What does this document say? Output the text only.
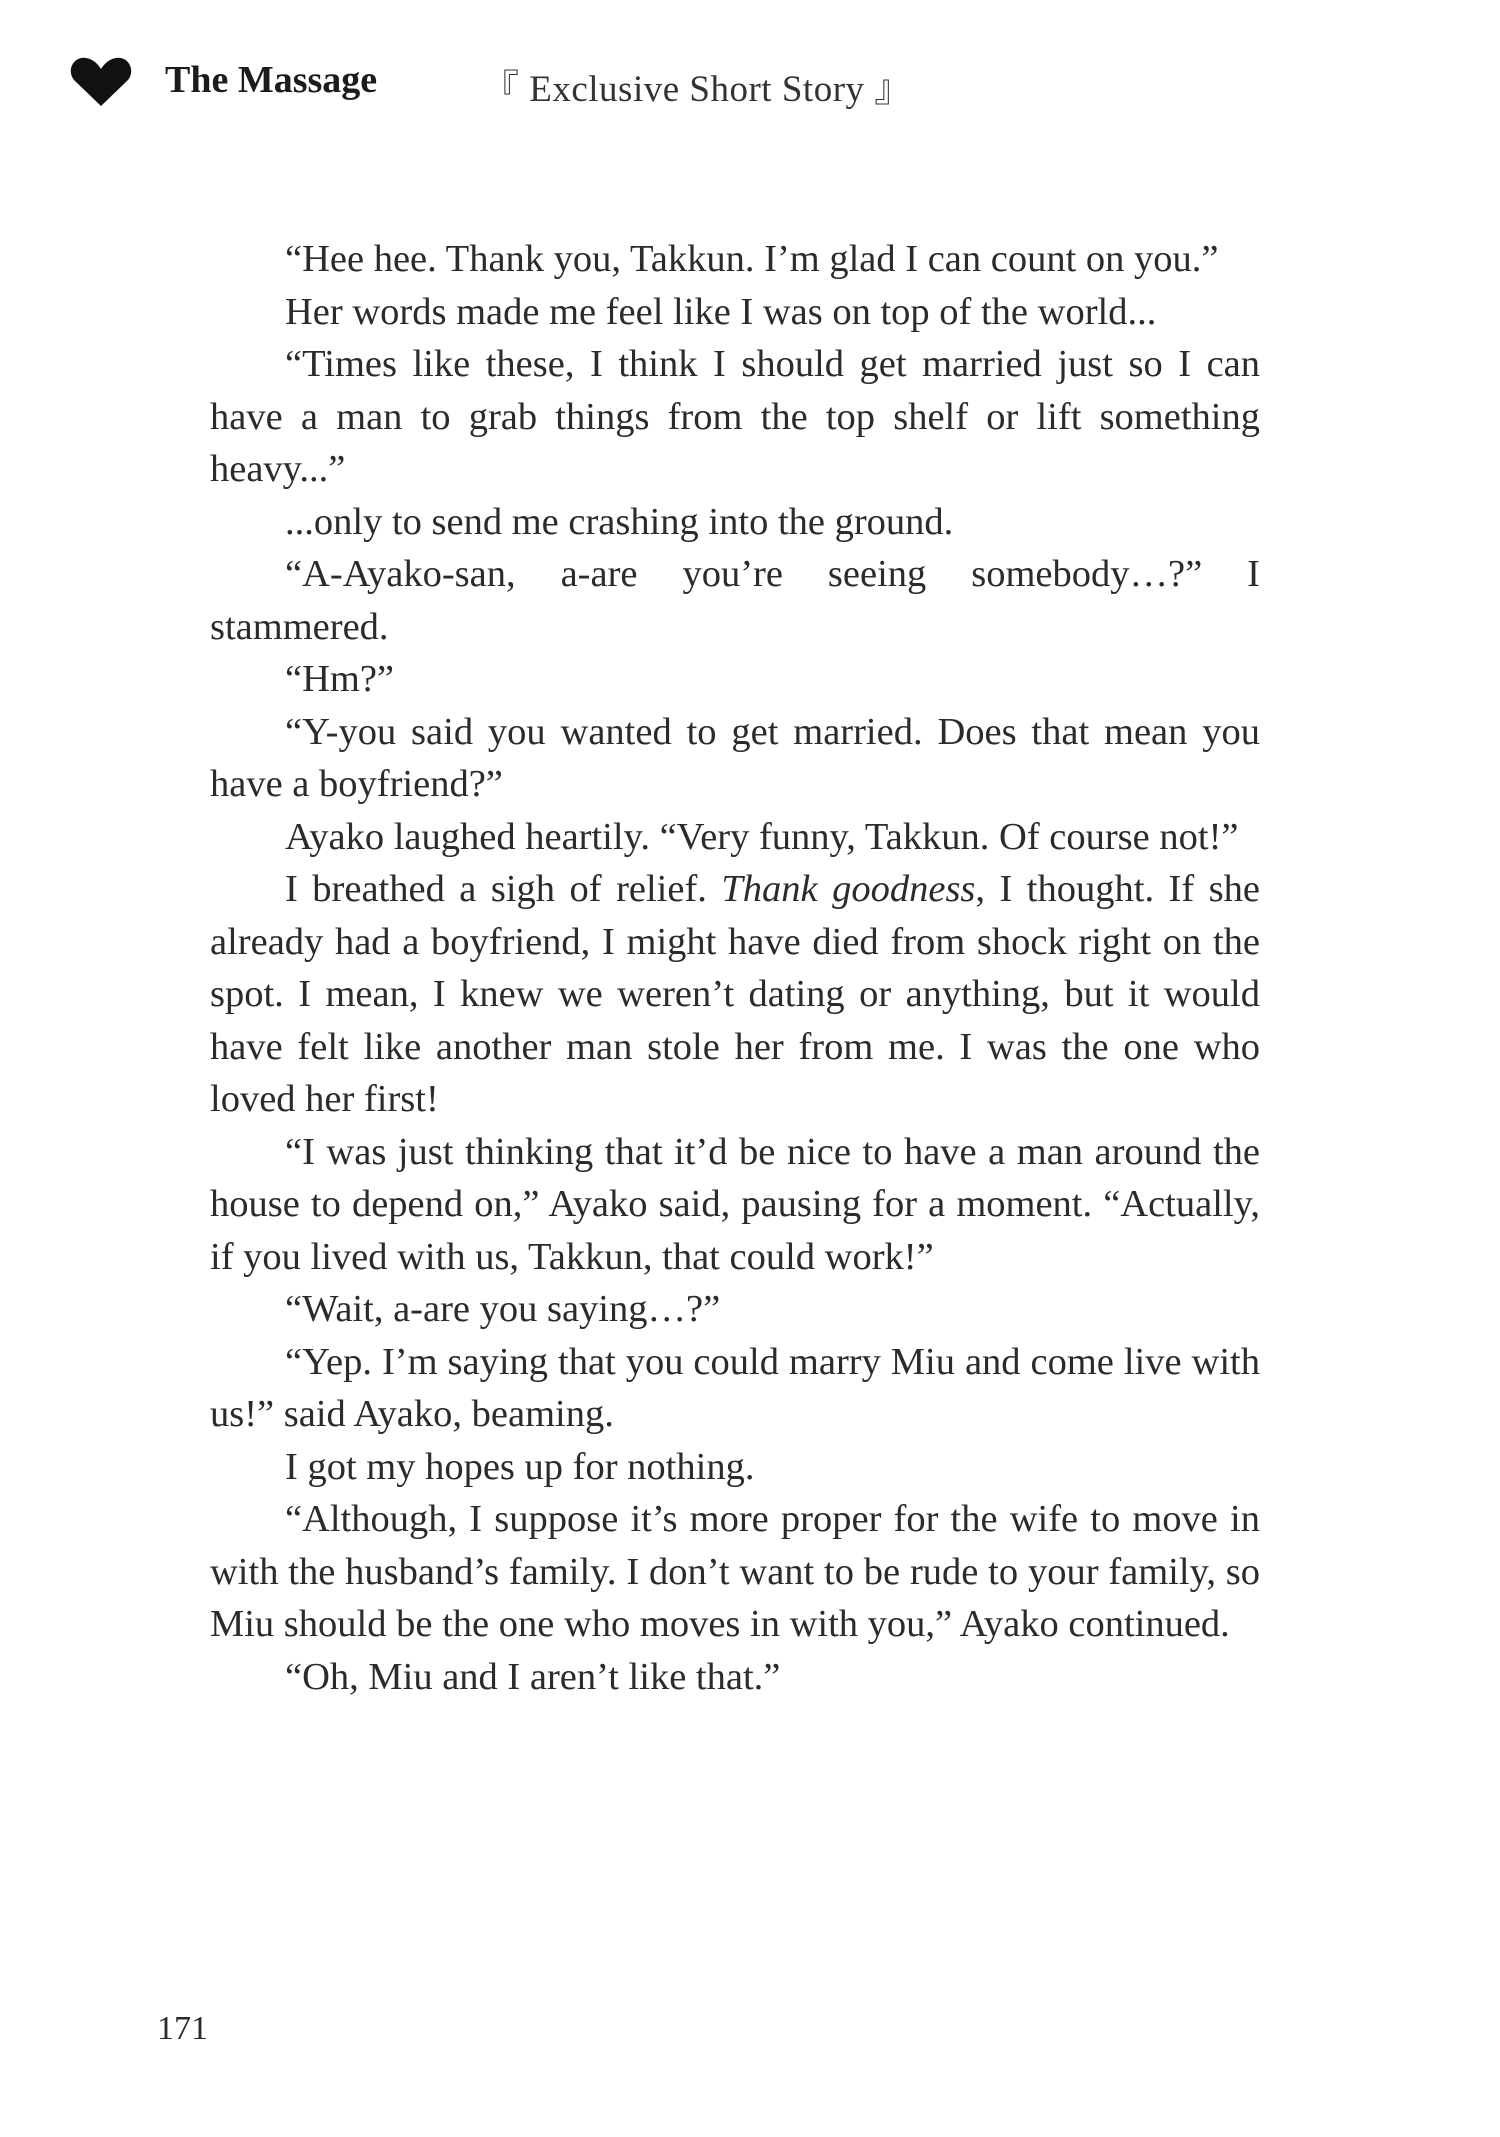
The Massage	『 Exclusive Short Story 』

“Hee hee. Thank you, Takkun. I’m glad I can count on you.”

Her words made me feel like I was on top of the world...

“Times like these, I think I should get married just so I can have a man to grab things from the top shelf or lift something heavy...”

...only to send me crashing into the ground.

“A-Ayako-san, a-are you’re seeing somebody…?” I stammered.

“Hm?”

“Y-you said you wanted to get married. Does that mean you have a boyfriend?”

Ayako laughed heartily. “Very funny, Takkun. Of course not!”

I breathed a sigh of relief. Thank goodness, I thought. If she already had a boyfriend, I might have died from shock right on the spot. I mean, I knew we weren’t dating or anything, but it would have felt like another man stole her from me. I was the one who loved her first!

“I was just thinking that it’d be nice to have a man around the house to depend on,” Ayako said, pausing for a moment. “Actually, if you lived with us, Takkun, that could work!”

“Wait, a-are you saying…?”

“Yep. I’m saying that you could marry Miu and come live with us!” said Ayako, beaming.

I got my hopes up for nothing.

“Although, I suppose it’s more proper for the wife to move in with the husband’s family. I don’t want to be rude to your family, so Miu should be the one who moves in with you,” Ayako continued.

“Oh, Miu and I aren’t like that.”

171
